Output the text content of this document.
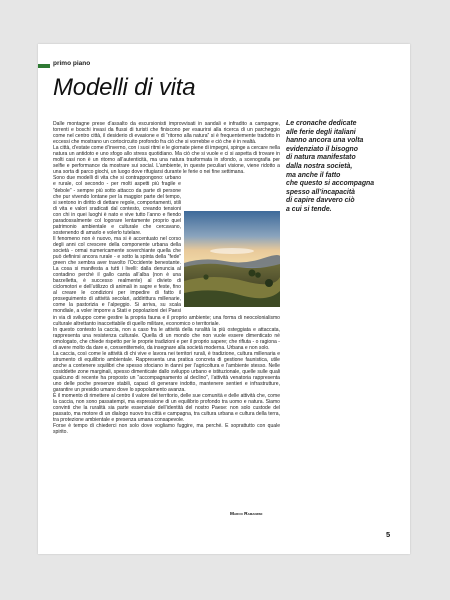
primo piano
Modelli di vita

Dalle montagne prese d’assalto da escursionisti improvvisati in sandali e infradito a campagne, torrenti e boschi invasi da flussi di turisti che finiscono per esaurirsi alla ricerca di un parcheggio come nel centro città, il desiderio di evasione e di “ritorno alla natura” si è frequentemente tradotto in eccessi che mostrano un cortocircuito profondo fra ciò che si vorrebbe e ciò che è in realtà.

La città, d’estate come d’inverno, con i suoi ritmi e le giornate piene di impegni, spinge a cercare nella natura un antidoto e uno sfogo allo stress quotidiano. Ma ciò che si vuole e ci si aspetta di trovare in molti casi non è un ritorno all’autenticità, ma una natura trasformata in sfondo, a scenografia per selfie e performance da mostrare sui social. L’ambiente, in queste peculiari visione, viene ridotto a una sorta di parco giochi, un luogo dove rifugiarsi durante le ferie o nei fine settimana.

Sono due modelli di vita che si contrappongono: urbano e rurale, col secondo - per molti aspetti più fragile e “debole” - sempre più sotto attacco da parte di persone che pur vivendo lontane per la maggior parte del tempo, si sentono in diritto di dettare regole, comportamenti, stili di vita e valori sradicati dal contesto, creando tensioni con chi in quei luoghi è nato e vive tutto l’anno e fiendo paradossalmente col logorare lentamente proprio quel patrimonio ambientale e culturale che cercavano, sostenendo di amarlo e volerlo tutelare.

Il fenomeno non è nuovo, ma si è accentuato nel corso degli anni col crescere della componente urbana della società - ormai numericamente soverchiante quella che può definirsi ancora rurale - e sotto la spinta della “fede” green che sembra aver travolto l’Occidente benestante. La cosa si manifesta a tutti i livelli: dalla denuncia al contadino perché il gallo canta all’alba (non è una barzelletta, è successo realmente) al divieto di ciclomotori e dell’utilizzo di animali in sagre e feste, fino al creare le condizioni per impedire di fatto il proseguimento di attività secolari, addirittura millenarie, come la pastorizia e l’alpeggio. Si arriva, su scala mondiale, a voler imporre a Stati e popolazioni dei Paesi in via di sviluppo come gestire la propria fauna e il proprio ambiente; una forma di neocolonialismo culturale altrettanto inaccettabile di quello militare, economico o territoriale.

In questo contesto la caccia, non a caso fra le attività della ruralità la più osteggiata e attaccata, rappresenta una resistenza culturale. Quella di un mondo che non vuole essere dimenticato né omologato, che chiede rispetto per le proprie tradizioni e per il proprio sapere; che rifiuta - o ragiona - di avere molto da dare e, consentitemelo, da insegnare alla società moderna. Urbana e non solo.

La caccia, così come le attività di chi vive e lavora nei territori rurali, è tradizione, cultura millenaria e strumento di equilibrio ambientale. Rappresenta una pratica concreta di gestione faunistica, utile anche a contenere squilibri che spesso sfociano in danni per l’agricoltura e l’ambiente stesso. Nelle cosiddette zone marginali, spesso dimenticate dallo sviluppo urbano e istituzionale, quelle sulle quali qualcuno di recente ha proposto un “accompagnamento al declino”, l’attività venatoria rappresenta uno delle poche presenze stabili, capaci di generare indotto, mantenere sentieri e infrastrutture, garantire un presidio umano dove lo spopolamento avanza.

È il momento di rimettere al centro il valore del territorio, delle sue comunità e delle attività che, come la caccia, non sono passatempi, ma espressione di un equilibrio profondo tra uomo e natura. Siamo convinti che la ruralità sia parte essenziale dell’identità del nostro Paese: non solo custode del passato, ma motore di un dialogo nuovo tra città e campagna, tra cultura urbana e cultura della terra, tra protezione ambientale e presenza umana consapevole.

Forse è tempo di chiederci non solo dove vogliamo fuggire, ma perché. E soprattutto con quale spirito.

Le cronache dedicate
alle ferie degli italiani
hanno ancora una volta
evidenziato il bisogno
di natura manifestato
dalla nostra società,
ma anche il fatto
che questo si accompagna
spesso all’incapacità
di capire davvero ciò
a cui si tende.
Marco Ramanzini
5
